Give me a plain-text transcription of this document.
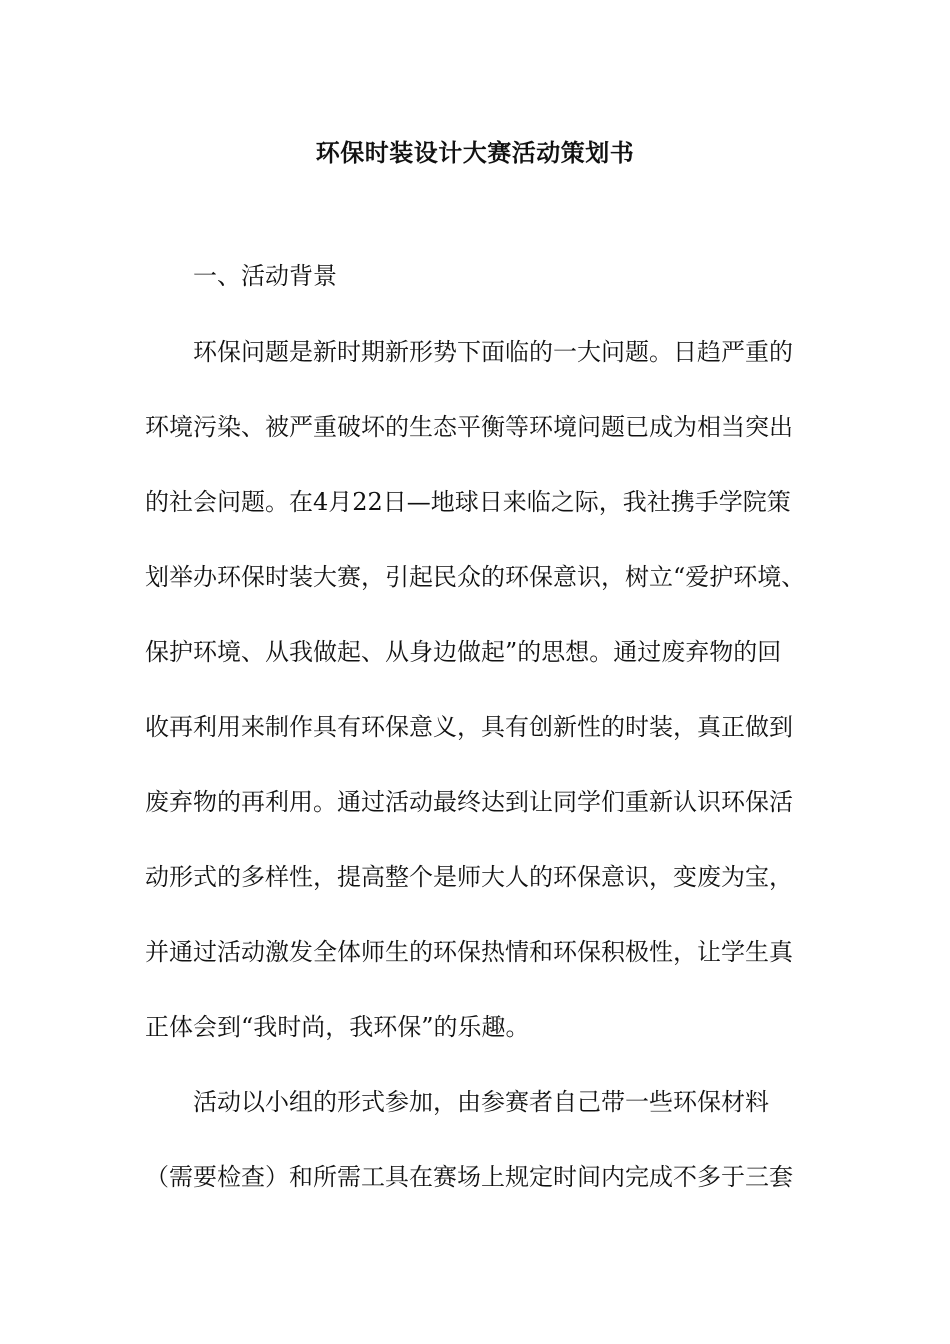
环保时装设计大赛活动策划书
一、活动背景
环保问题是新时期新形势下面临的一大问题。日趋严重的
环境污染、被严重破坏的生态平衡等环境问题已成为相当突出
的社会问题。在4月22日—地球日来临之际，我社携手学院策
划举办环保时装大赛，引起民众的环保意识，树立“爱护环境、
保护环境、从我做起、从身边做起”的思想。通过废弃物的回
收再利用来制作具有环保意义，具有创新性的时装，真正做到
废弃物的再利用。通过活动最终达到让同学们重新认识环保活
动形式的多样性，提高整个是师大人的环保意识，变废为宝，
并通过活动激发全体师生的环保热情和环保积极性，让学生真
正体会到“我时尚，我环保”的乐趣。
活动以小组的形式参加，由参赛者自己带一些环保材料
（需要检查）和所需工具在赛场上规定时间内完成不多于三套
